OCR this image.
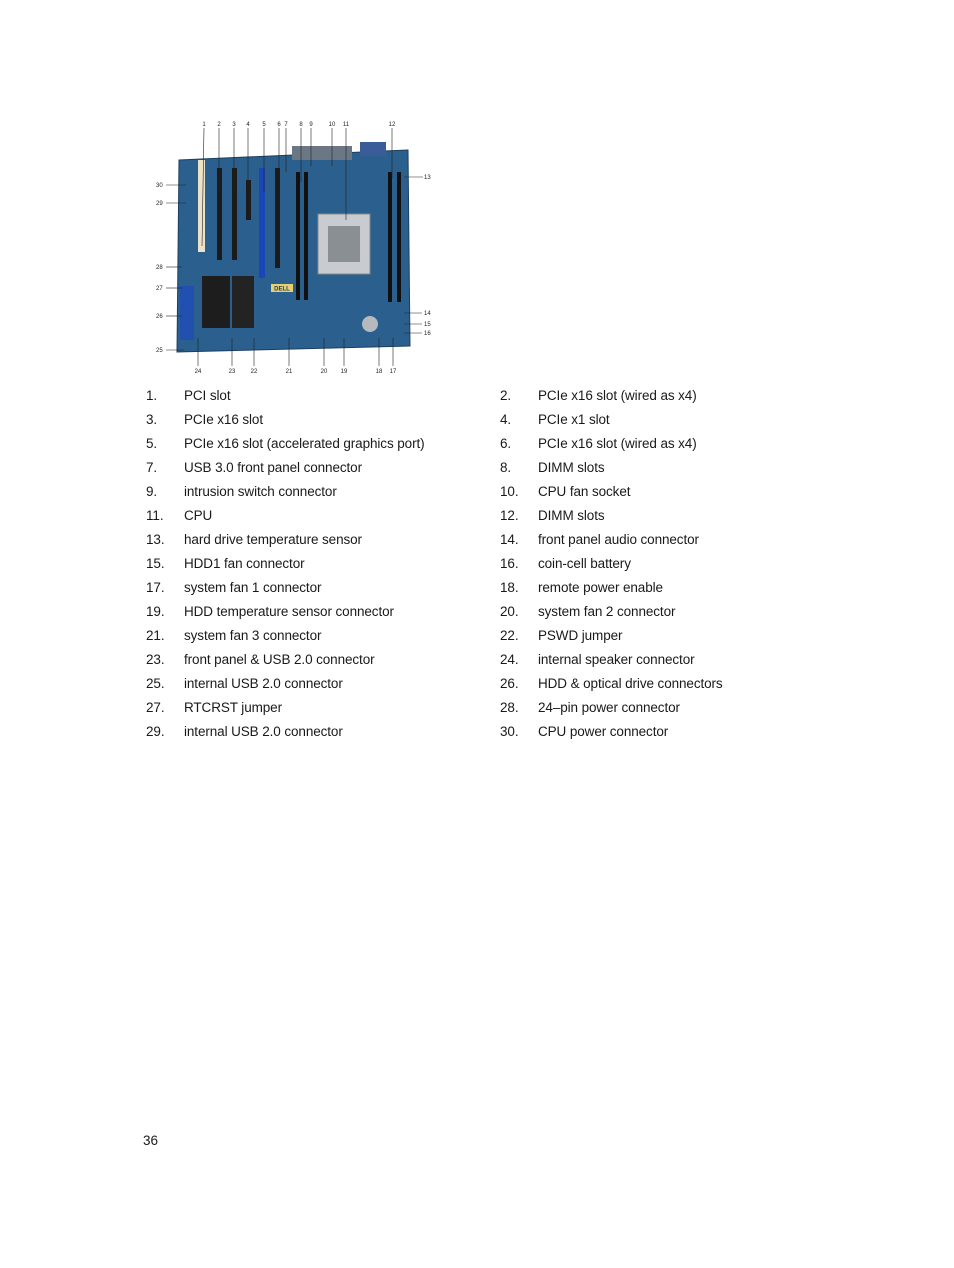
DELL
1 2 3 4 5 6 7 8 9	10 11	12
13
14
15
16
17
18
19
20
21
22
23
24
25
26
27
28
29
30
1. PCI slot	2. PCIe x16 slot (wired as x4)
3. PCIe x16 slot	4. PCIe x1 slot
5. PCIe x16 slot (accelerated graphics port)	6. PCIe x16 slot (wired as x4)
7. USB 3.0 front panel connector	8. DIMM slots
9. intrusion switch connector	10. CPU fan socket
11. CPU	12. DIMM slots
13. hard drive temperature sensor	14. front panel audio connector
15. HDD1 fan connector	16. coin-cell battery
17. system fan 1 connector	18. remote power enable
19. HDD temperature sensor connector	20. system fan 2 connector
21. system fan 3 connector	22. PSWD jumper
23. front panel & USB 2.0 connector	24. internal speaker connector
25. internal USB 2.0 connector	26. HDD & optical drive connectors
27. RTCRST jumper	28. 24–pin power connector
29. internal USB 2.0 connector	30. CPU power connector
36
